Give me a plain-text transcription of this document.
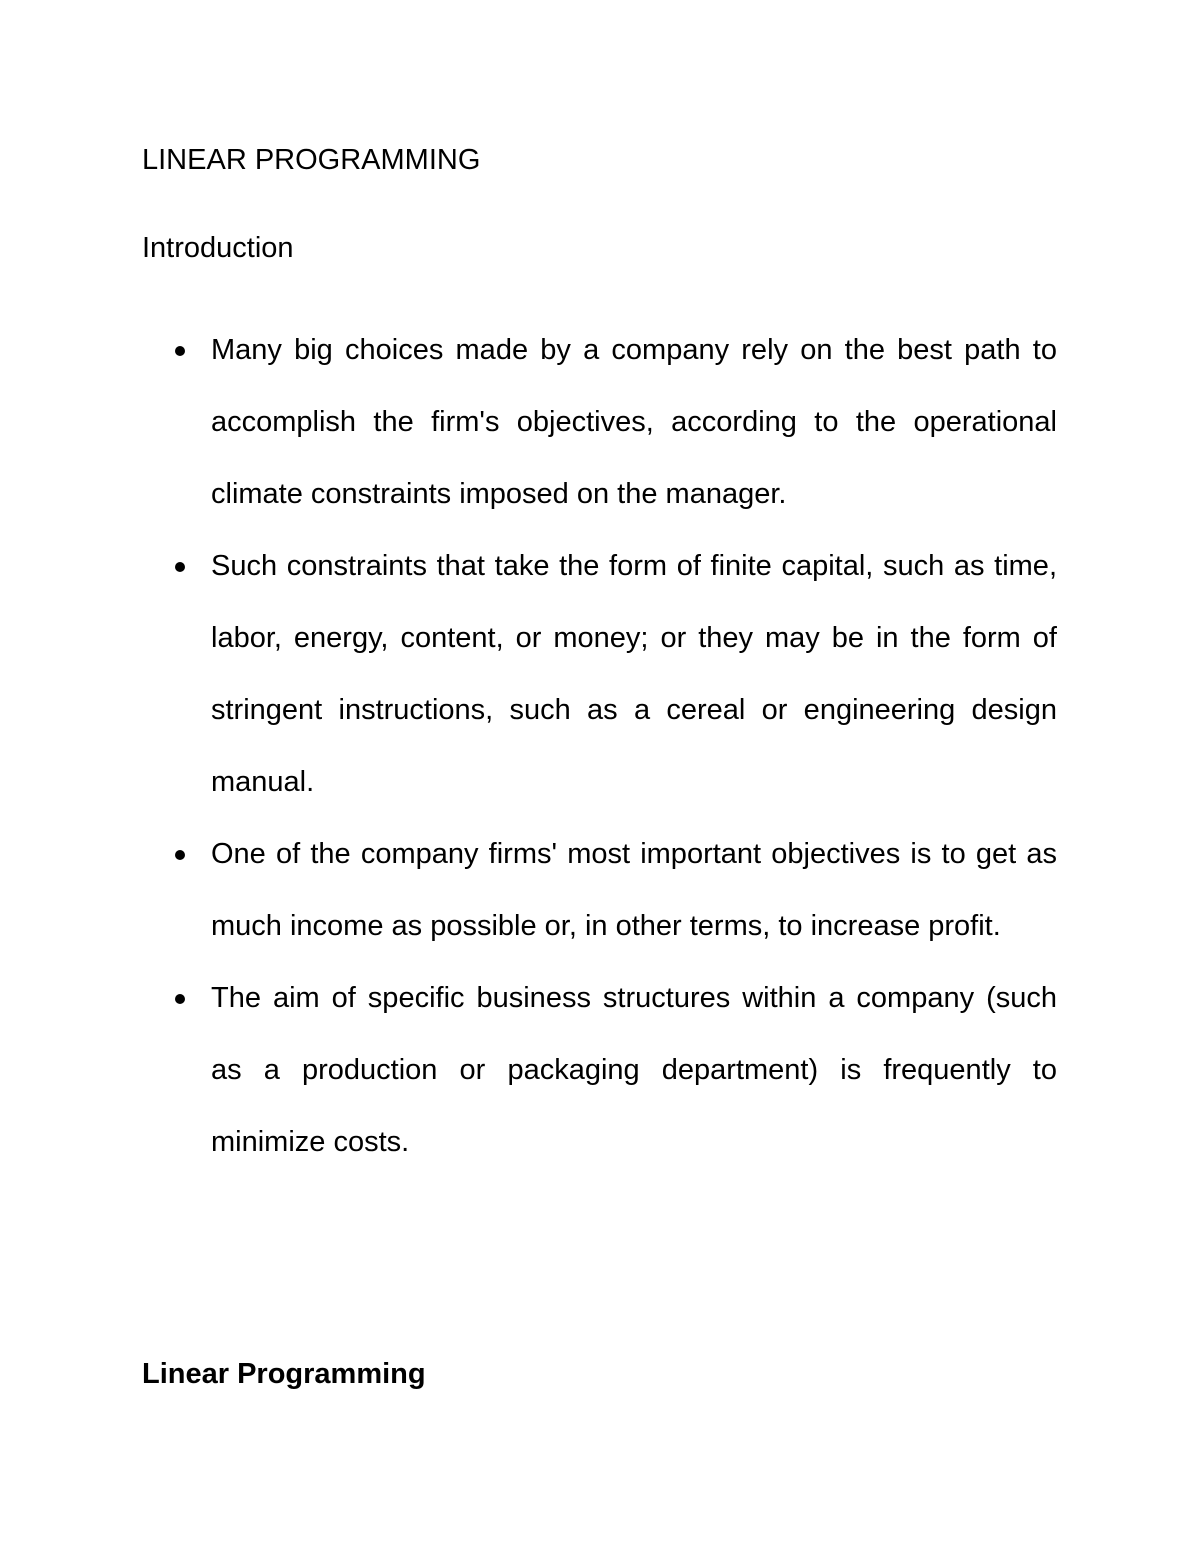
LINEAR PROGRAMMING
Introduction
Many big choices made by a company rely on the best path to accomplish the firm's objectives, according to the operational climate constraints imposed on the manager.
Such constraints that take the form of finite capital, such as time, labor, energy, content, or money; or they may be in the form of stringent instructions, such as a cereal or engineering design manual.
One of the company firms' most important objectives is to get as much income as possible or, in other terms, to increase profit.
The aim of specific business structures within a company (such as a production or packaging department) is frequently to minimize costs.
Linear Programming
